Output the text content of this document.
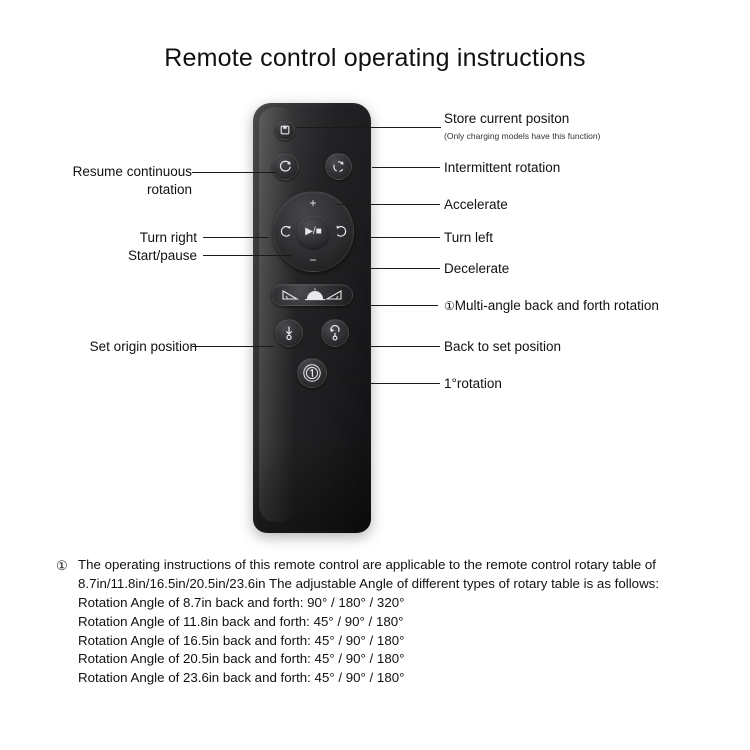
Remote control operating instructions
+
−
▶/■
Store current positon
(Only charging models have this function)
Intermittent rotation
Accelerate
Turn left
Decelerate
①Multi-angle back and forth rotation
Back to set position
1°rotation
Resume continuous
rotation
Turn right
Start/pause
Set origin position
① The operating instructions of this remote control are applicable to the remote control rotary table of 8.7in/11.8in/16.5in/20.5in/23.6in The adjustable Angle of different types of rotary table is as follows:
Rotation Angle of 8.7in back and forth: 90° / 180° / 320°
Rotation Angle of 11.8in back and forth: 45° / 90° / 180°
Rotation Angle of 16.5in back and forth: 45° / 90° / 180°
Rotation Angle of 20.5in back and forth: 45° / 90° / 180°
Rotation Angle of 23.6in back and forth: 45° / 90° / 180°
